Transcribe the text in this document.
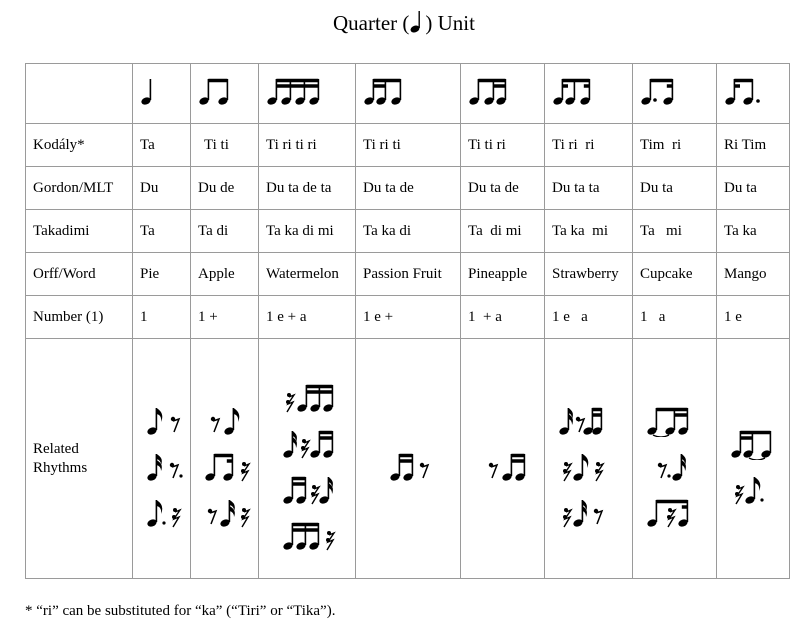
Quarter ( ) Unit

Kodály*	Ta	Ti ti	Ti ri ti ri	Ti ri ti	Ti ti ri	Ti ri  ri	Tim  ri	Ri Tim
Gordon/MLT	Du	Du de	Du ta de ta	Du ta de	Du ta de	Du ta ta	Du ta	Du ta
Takadimi	Ta	Ta di	Ta ka di mi	Ta ka di	Ta  di mi	Ta ka  mi	Ta   mi	Ta ka
Orff/Word	Pie	Apple	Watermelon	Passion Fruit	Pineapple	Strawberry	Cupcake	Mango
Number (1)	1	1 +	1 e + a	1 e +	1  + a	1 e   a	1   a	1 e
Related Rhythms	

* “ri” can be substituted for “ka” (“Tiri” or “Tika”).
